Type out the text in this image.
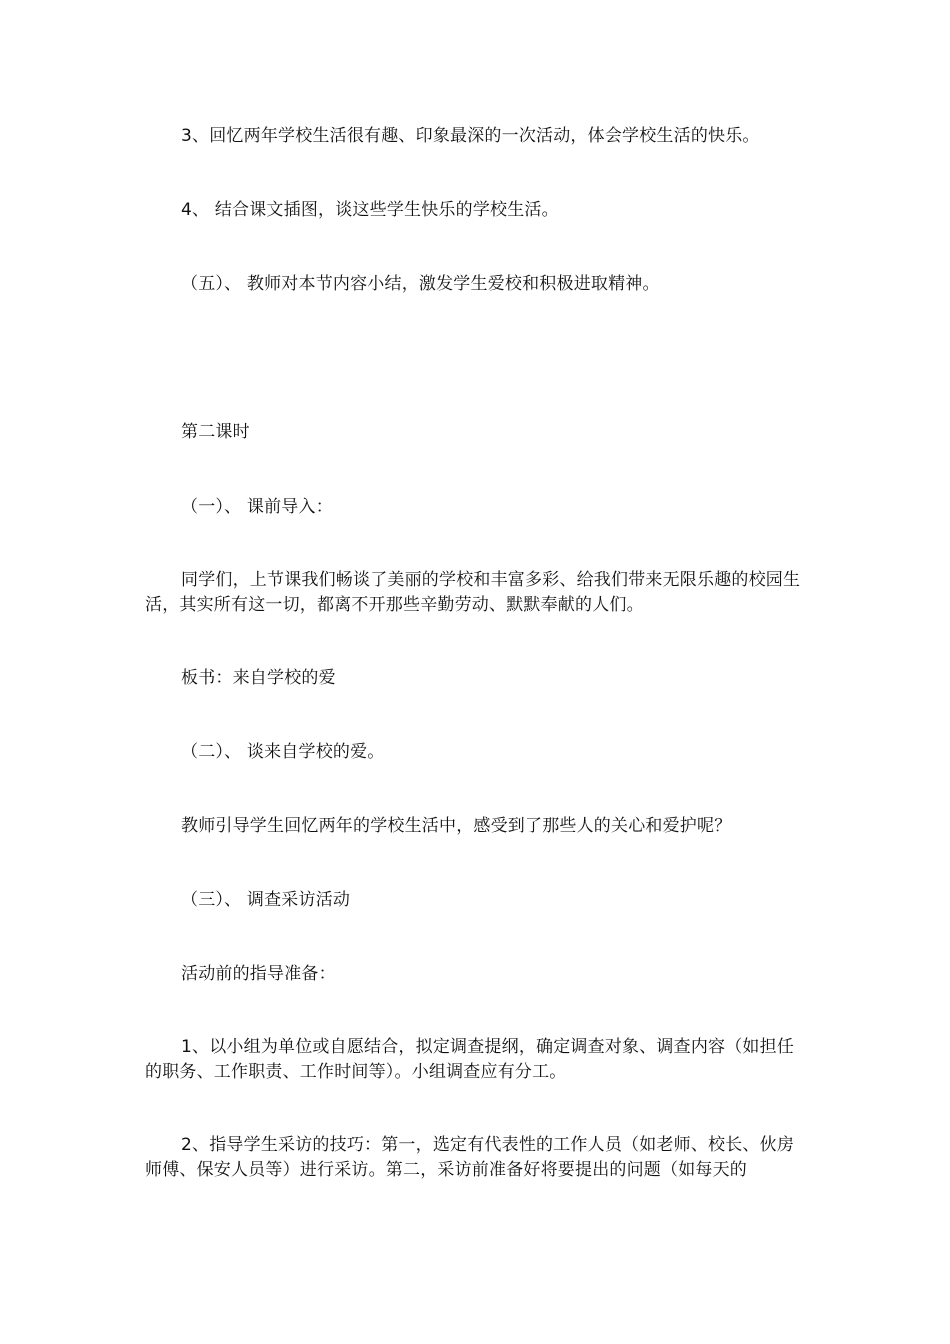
3、回忆两年学校生活很有趣、印象最深的一次活动，体会学校生活的快乐。

4、 结合课文插图，谈这些学生快乐的学校生活。

（五）、 教师对本节内容小结，激发学生爱校和积极进取精神。

第二课时

（一）、 课前导入：

同学们，上节课我们畅谈了美丽的学校和丰富多彩、给我们带来无限乐趣的校园生活，其实所有这一切，都离不开那些辛勤劳动、默默奉献的人们。

板书：来自学校的爱

（二）、 谈来自学校的爱。

教师引导学生回忆两年的学校生活中，感受到了那些人的关心和爱护呢？

（三）、 调查采访活动

活动前的指导准备：

1、以小组为单位或自愿结合，拟定调查提纲，确定调查对象、调查内容（如担任的职务、工作职责、工作时间等）。小组调查应有分工。

2、指导学生采访的技巧：第一，选定有代表性的工作人员（如老师、校长、伙房师傅、保安人员等）进行采访。第二，采访前准备好将要提出的问题（如每天的
